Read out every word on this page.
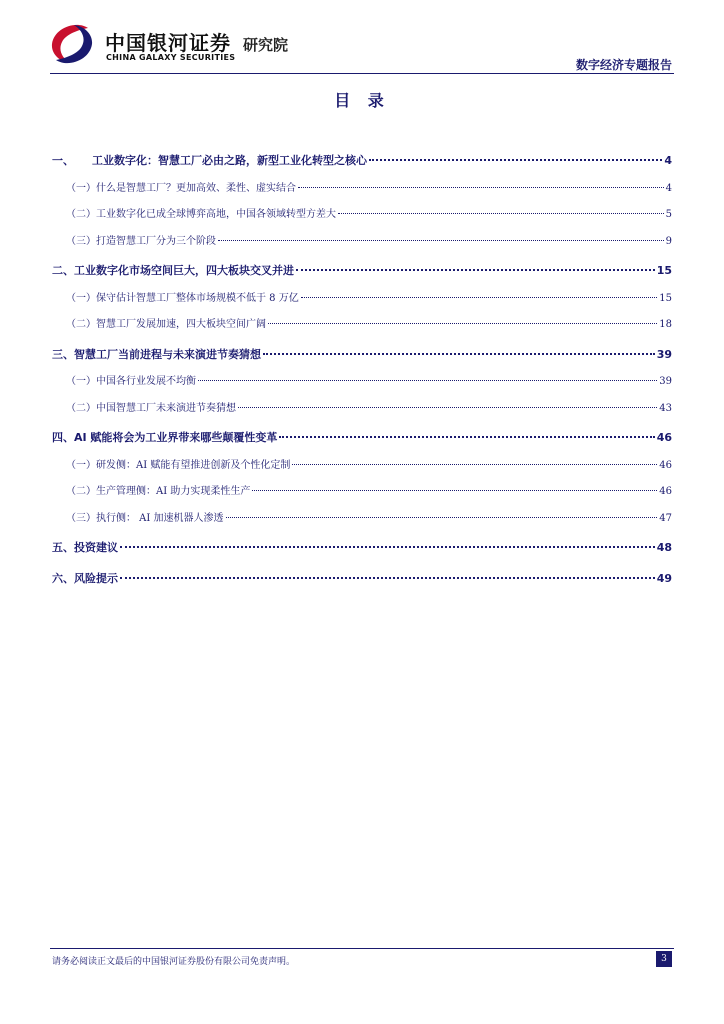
中国银河证券
CHINA GALAXY SECURITIES
研究院
数字经济专题报告
目 录
一、	工业数字化：智慧工厂必由之路，新型工业化转型之核心	4
（一） 什么是智慧工厂？更加高效、柔性、虚实结合	4
（二） 工业数字化已成全球博弈高地，中国各领域转型方差大	5
（三） 打造智慧工厂分为三个阶段	9
二、 工业数字化市场空间巨大，四大板块交叉并进	15
（一） 保守估计智慧工厂整体市场规模不低于 8 万亿	15
（二） 智慧工厂发展加速，四大板块空间广阔	18
三、 智慧工厂当前进程与未来演进节奏猜想	39
（一） 中国各行业发展不均衡	39
（二） 中国智慧工厂未来演进节奏猜想	43
四、 AI 赋能将会为工业界带来哪些颠覆性变革	46
（一） 研发侧：AI 赋能有望推进创新及个性化定制	46
（二） 生产管理侧：AI 助力实现柔性生产	46
（三） 执行侧： AI 加速机器人渗透	47
五、 投资建议	48
六、 风险提示	49
请务必阅读正文最后的中国银河证券股份有限公司免责声明。	3
